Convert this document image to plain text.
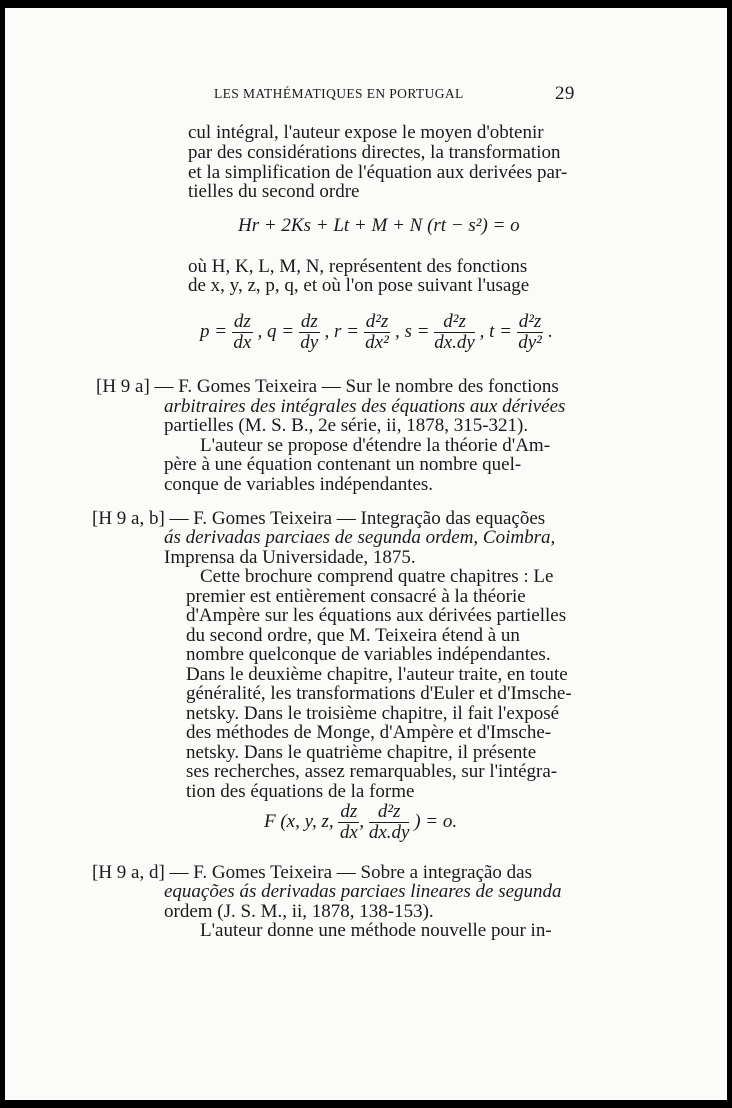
LES MATHÉMATIQUES EN PORTUGAL	29
cul intégral, l'auteur expose le moyen d'obtenir
par des considérations directes, la transformation
et la simplification de l'équation aux derivées par-
tielles du second ordre
Hr + 2Ks + Lt + M + N (rt − s²) = o
où H, K, L, M, N, représentent des fonctions
de x, y, z, p, q, et où l'on pose suivant l'usage
$p = \frac{dz}{dx}$ , $q = \frac{dz}{dy}$ , $r = \frac{\text{d²z}}{\text{dx²}}$ , $s = \frac{\text{d²z}}{dx.dy}$ , $t = \frac{\text{d²z}}{\text{dy²}}$ .
[H 9 a] — F. Gomes Teixeira — Sur le nombre des fonctions
arbitraires des intégrales des équations aux dérivées
partielles (M. S. B., 2e série, ii, 1878, 315-321).
L'auteur se propose d'étendre la théorie d'Am-
père à une équation contenant un nombre quel-
conque de variables indépendantes.
[H 9 a, b] — F. Gomes Teixeira — Integração das equações
ás derivadas parciaes de segunda ordem, Coimbra,
Imprensa da Universidade, 1875.
Cette brochure comprend quatre chapitres : Le
premier est entièrement consacré à la théorie
d'Ampère sur les équations aux dérivées partielles
du second ordre, que M. Teixeira étend à un
nombre quelconque de variables indépendantes.
Dans le deuxième chapitre, l'auteur traite, en toute
généralité, les transformations d'Euler et d'Imsche-
netsky. Dans le troisième chapitre, il fait l'exposé
des méthodes de Monge, d'Ampère et d'Imsche-
netsky. Dans le quatrième chapitre, il présente
ses recherches, assez remarquables, sur l'intégra-
tion des équations de la forme
F (x, y, z, $\frac{dz}{dx}$ , $\frac{\text{d²z}}{dx.dy}$ ) = o.
[H 9 a, d] — F. Gomes Teixeira — Sobre a integração das
equações ás derivadas parciaes lineares de segunda
ordem (J. S. M., ii, 1878, 138-153).
L'auteur donne une méthode nouvelle pour in-
